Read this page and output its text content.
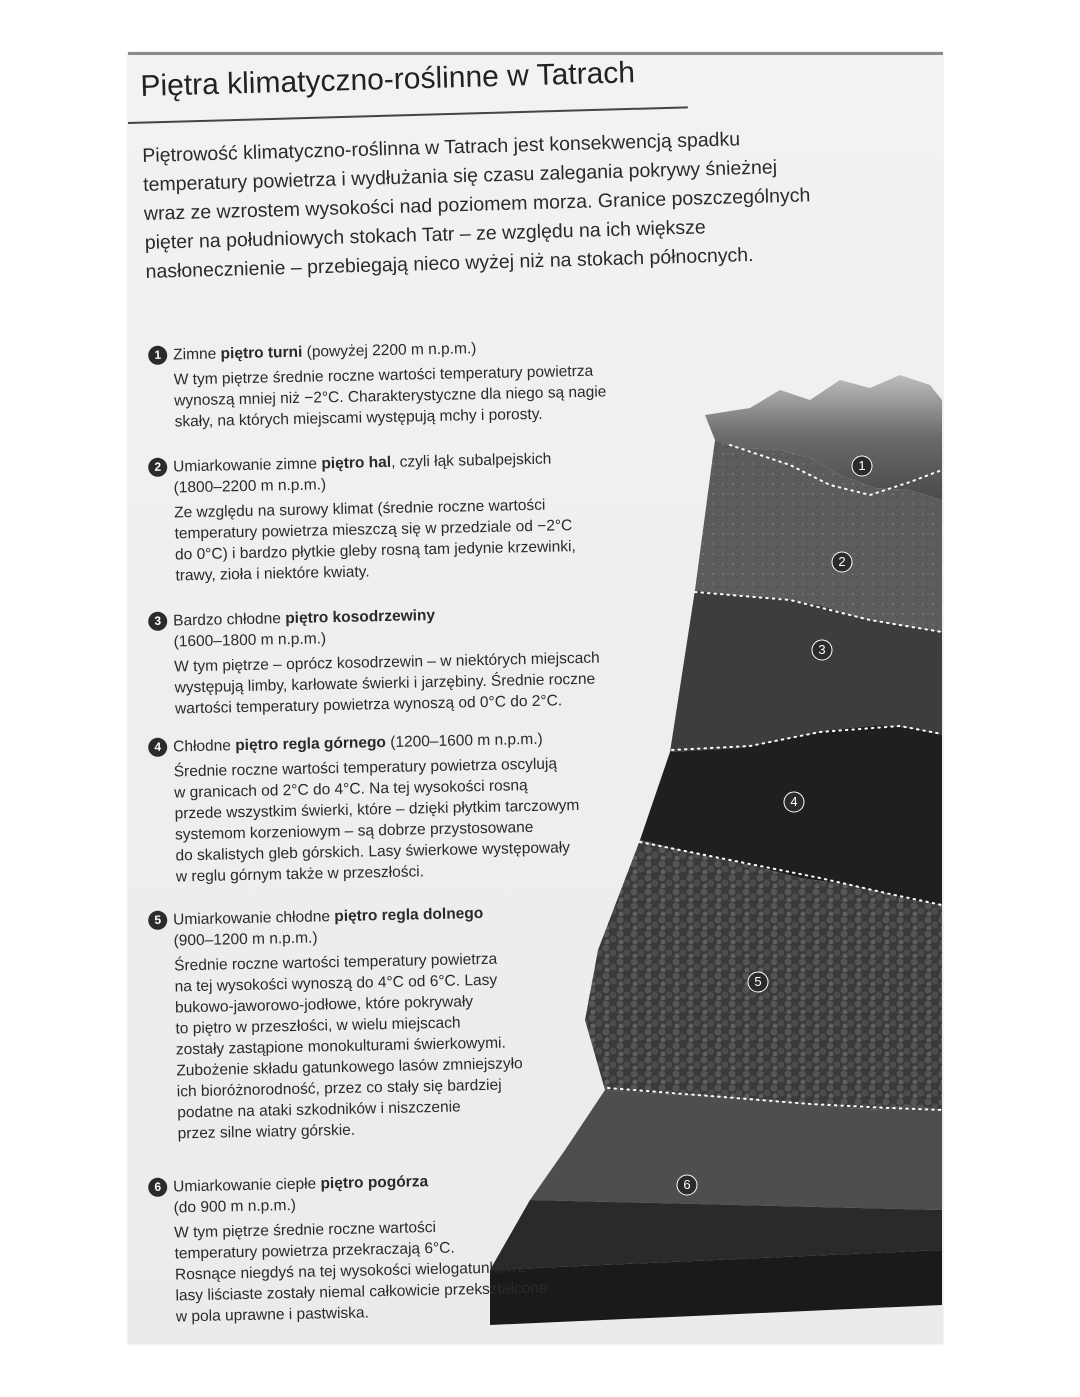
Piętra klimatyczno-roślinne w Tatrach
Piętrowość klimatyczno-roślinna w Tatrach jest konsekwencją spadku
temperatury powietrza i wydłużania się czasu zalegania pokrywy śnieżnej
wraz ze wzrostem wysokości nad poziomem morza. Granice poszczególnych
pięter na południowych stokach Tatr – ze względu na ich większe
nasłonecznienie – przebiegają nieco wyżej niż na stokach północnych.
1
2
3
4
5
6
1 Zimne piętro turni (powyżej 2200 m n.p.m.)
W tym piętrze średnie roczne wartości temperatury powietrza
wynoszą mniej niż −2°C. Charakterystyczne dla niego są nagie
skały, na których miejscami występują mchy i porosty.
2 Umiarkowanie zimne piętro hal, czyli łąk subalpejskich
(1800–2200 m n.p.m.)
Ze względu na surowy klimat (średnie roczne wartości
temperatury powietrza mieszczą się w przedziale od −2°C
do 0°C) i bardzo płytkie gleby rosną tam jedynie krzewinki,
trawy, zioła i niektóre kwiaty.
3 Bardzo chłodne piętro kosodrzewiny
(1600–1800 m n.p.m.)
W tym piętrze – oprócz kosodrzewin – w niektórych miejscach
występują limby, karłowate świerki i jarzębiny. Średnie roczne
wartości temperatury powietrza wynoszą od 0°C do 2°C.
4 Chłodne piętro regla górnego (1200–1600 m n.p.m.)
Średnie roczne wartości temperatury powietrza oscylują
w granicach od 2°C do 4°C. Na tej wysokości rosną
przede wszystkim świerki, które – dzięki płytkim tarczowym
systemom korzeniowym – są dobrze przystosowane
do skalistych gleb górskich. Lasy świerkowe występowały
w reglu górnym także w przeszłości.
5 Umiarkowanie chłodne piętro regla dolnego
(900–1200 m n.p.m.)
Średnie roczne wartości temperatury powietrza
na tej wysokości wynoszą do 4°C od 6°C. Lasy
bukowo-jaworowo-jodłowe, które pokrywały
to piętro w przeszłości, w wielu miejscach
zostały zastąpione monokulturami świerkowymi.
Zubożenie składu gatunkowego lasów zmniejszyło
ich bioróżnorodność, przez co stały się bardziej
podatne na ataki szkodników i niszczenie
przez silne wiatry górskie.
6 Umiarkowanie ciepłe piętro pogórza
(do 900 m n.p.m.)
W tym piętrze średnie roczne wartości
temperatury powietrza przekraczają 6°C.
Rosnące niegdyś na tej wysokości wielogatunkowe
lasy liściaste zostały niemal całkowicie przekształcone
w pola uprawne i pastwiska.
